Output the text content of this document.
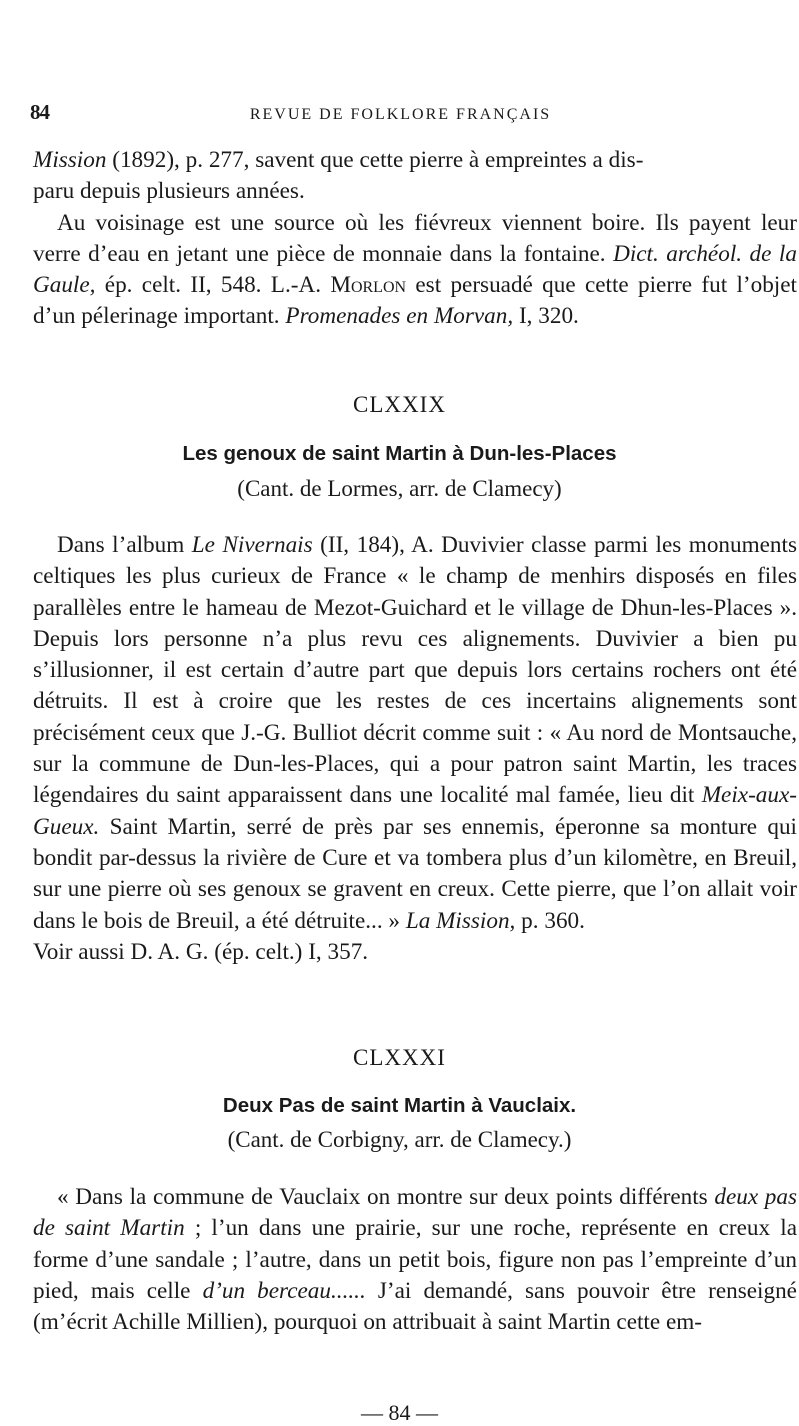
84	REVUE DE FOLKLORE FRANÇAIS

Mission (1892), p. 277, savent que cette pierre à empreintes a dis-

paru depuis plusieurs années.

Au voisinage est une source où les fiévreux viennent boire. Ils payent leur verre d’eau en jetant une pièce de monnaie dans la fontaine. Dict. archéol. de la Gaule, ép. celt. II, 548. L.-A. Morlon est persuadé que cette pierre fut l’objet d’un pélerinage important. Promenades en Morvan, I, 320.

CLXXIX
Les genoux de saint Martin à Dun-les-Places
(Cant. de Lormes, arr. de Clamecy)

Dans l’album Le Nivernais (II, 184), A. Duvivier classe parmi les monuments celtiques les plus curieux de France « le champ de menhirs disposés en files parallèles entre le hameau de Mezot-Guichard et le village de Dhun-les-Places ». Depuis lors personne n’a plus revu ces alignements. Duvivier a bien pu s’illusionner, il est certain d’autre part que depuis lors certains rochers ont été détruits. Il est à croire que les restes de ces incertains alignements sont précisément ceux que J.-G. Bulliot décrit comme suit : « Au nord de Montsauche, sur la commune de Dun-les-Places, qui a pour patron saint Martin, les traces légendaires du saint apparaissent dans une localité mal famée, lieu dit Meix-aux-Gueux. Saint Martin, serré de près par ses ennemis, éperonne sa monture qui bondit par-dessus la rivière de Cure et va tombera plus d’un kilomètre, en Breuil, sur une pierre où ses genoux se gravent en creux. Cette pierre, que l’on allait voir dans le bois de Breuil, a été détruite... » La Mission, p. 360.

Voir aussi D. A. G. (ép. celt.) I, 357.

CLXXXI
Deux Pas de saint Martin à Vauclaix.
(Cant. de Corbigny, arr. de Clamecy.)

« Dans la commune de Vauclaix on montre sur deux points différents deux pas de saint Martin ; l’un dans une prairie, sur une roche, représente en creux la forme d’une sandale ; l’autre, dans un petit bois, figure non pas l’empreinte d’un pied, mais celle d’un berceau...... J’ai demandé, sans pouvoir être renseigné (m’écrit Achille Millien), pourquoi on attribuait à saint Martin cette em-

— 84 —
